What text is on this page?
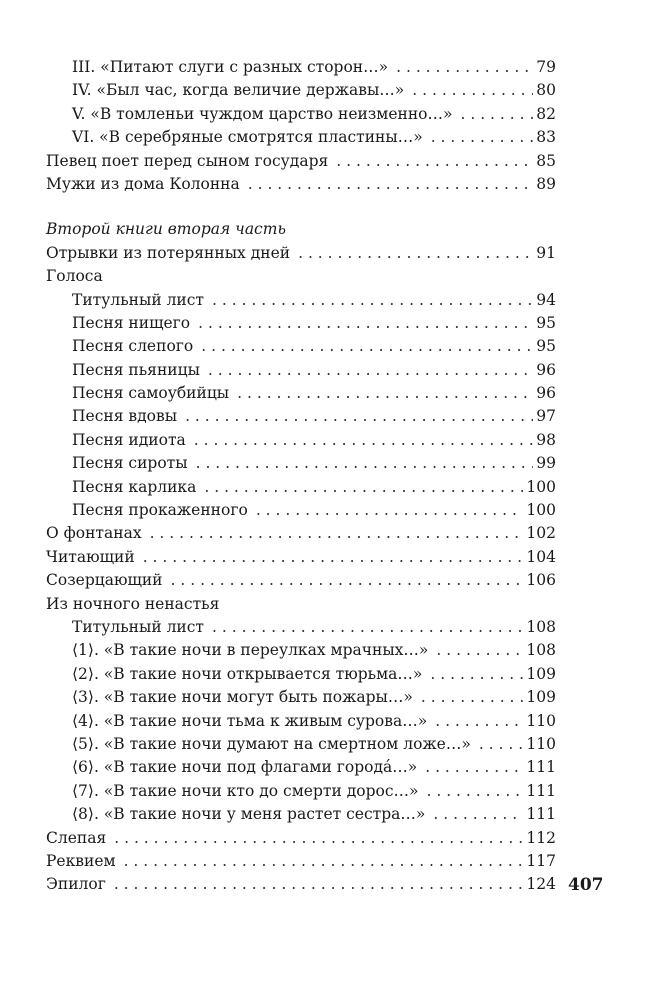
III. «Питают слуги с разных сторон…» . . .	79
IV. «Был час, когда величие державы…» . . .	80
V. «В томленьи чуждом царство неизменно…» . . .	82
VI. «В серебряные смотрятся пластины…» . . .	83
Певец поет перед сыном государя . . .	85
Мужи из дома Колонна . . .	89
Второй книги вторая часть
Отрывки из потерянных дней . . .	91
Голоса
Титульный лист . . .	94
Песня нищего . . .	95
Песня слепого . . .	95
Песня пьяницы . . .	96
Песня самоубийцы . . .	96
Песня вдовы . . .	97
Песня идиота . . .	98
Песня сироты . . .	99
Песня карлика . . .	100
Песня прокаженного . . .	100
О фонтанах . . .	102
Читающий . . .	104
Созерцающий . . .	106
Из ночного ненастья
Титульный лист . . .	108
⟨1⟩. «В такие ночи в переулках мрачных…» . . .	108
⟨2⟩. «В такие ночи открывается тюрьма…» . . .	109
⟨3⟩. «В такие ночи могут быть пожары…» . . .	109
⟨4⟩. «В такие ночи тьма к живым сурова…» . . .	110
⟨5⟩. «В такие ночи думают на смертном ложе…» . . .	110
⟨6⟩. «В такие ночи под флагами города́…» . . .	111
⟨7⟩. «В такие ночи кто до смерти дорос…» . . .	111
⟨8⟩. «В такие ночи у меня растет сестра…» . . .	111
Слепая . . .	112
Реквием . . .	117
Эпилог . . .	124 407
